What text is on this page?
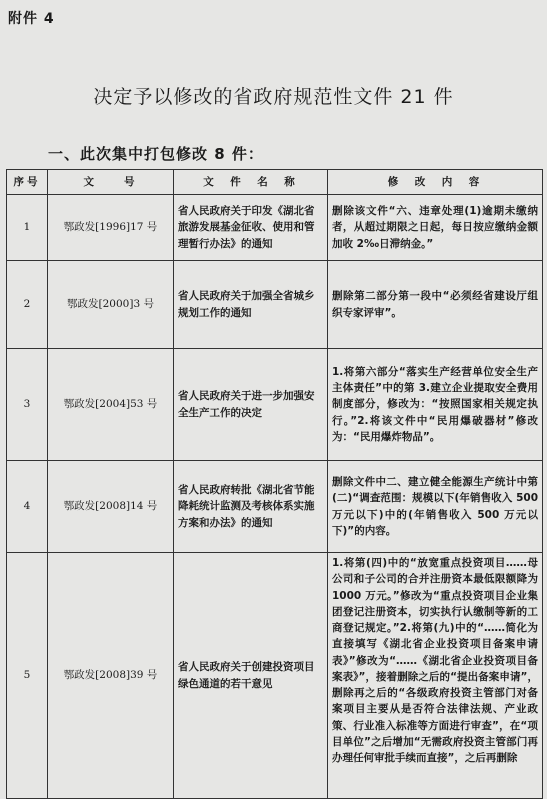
附件 4
决定予以修改的省政府规范性文件 21 件
一、此次集中打包修改 8 件：
序号	文　　号	文　件　名　称	修　改　内　容
1	鄂政发[1996]17 号	省人民政府关于印发《湖北省旅游发展基金征收、使用和管理暂行办法》的通知	删除该文件“六、违章处理(1)逾期未缴纳者，从超过期限之日起，每日按应缴纳金额加收 2‰日滞纳金。”
2	鄂政发[2000]3 号	省人民政府关于加强全省城乡规划工作的通知	删除第二部分第一段中“必须经省建设厅组织专家评审”。
3	鄂政发[2004]53 号	省人民政府关于进一步加强安全生产工作的决定	1.将第六部分“落实生产经营单位安全生产主体责任”中的第 3.建立企业提取安全费用制度部分，修改为：“按照国家相关规定执行。”2.将该文件中“民用爆破器材”修改为：“民用爆炸物品”。
4	鄂政发[2008]14 号	省人民政府转批《湖北省节能降耗统计监测及考核体系实施方案和办法》的通知	删除文件中二、建立健全能源生产统计中第(二)“调查范围：规模以下(年销售收入 500 万元以下)中的(年销售收入 500 万元以下)”的内容。
5	鄂政发[2008]39 号	省人民政府关于创建投资项目绿色通道的若干意见	1.将第(四)中的“放宽重点投资项目……母公司和子公司的合并注册资本最低限额降为 1000 万元。”修改为“重点投资项目企业集团登记注册资本，切实执行认缴制等新的工商登记规定。”2.将第(九)中的“……简化为直接填写《湖北省企业投资项目备案申请表》”修改为“……《湖北省企业投资项目备案表》”，接着删除之后的“提出备案申请”，删除再之后的“各级政府投资主管部门对备案项目主要从是否符合法律法规、产业政策、行业准入标准等方面进行审查”，在“项目单位”之后增加“无需政府投资主管部门再办理任何审批手续而直接”，之后再删除
